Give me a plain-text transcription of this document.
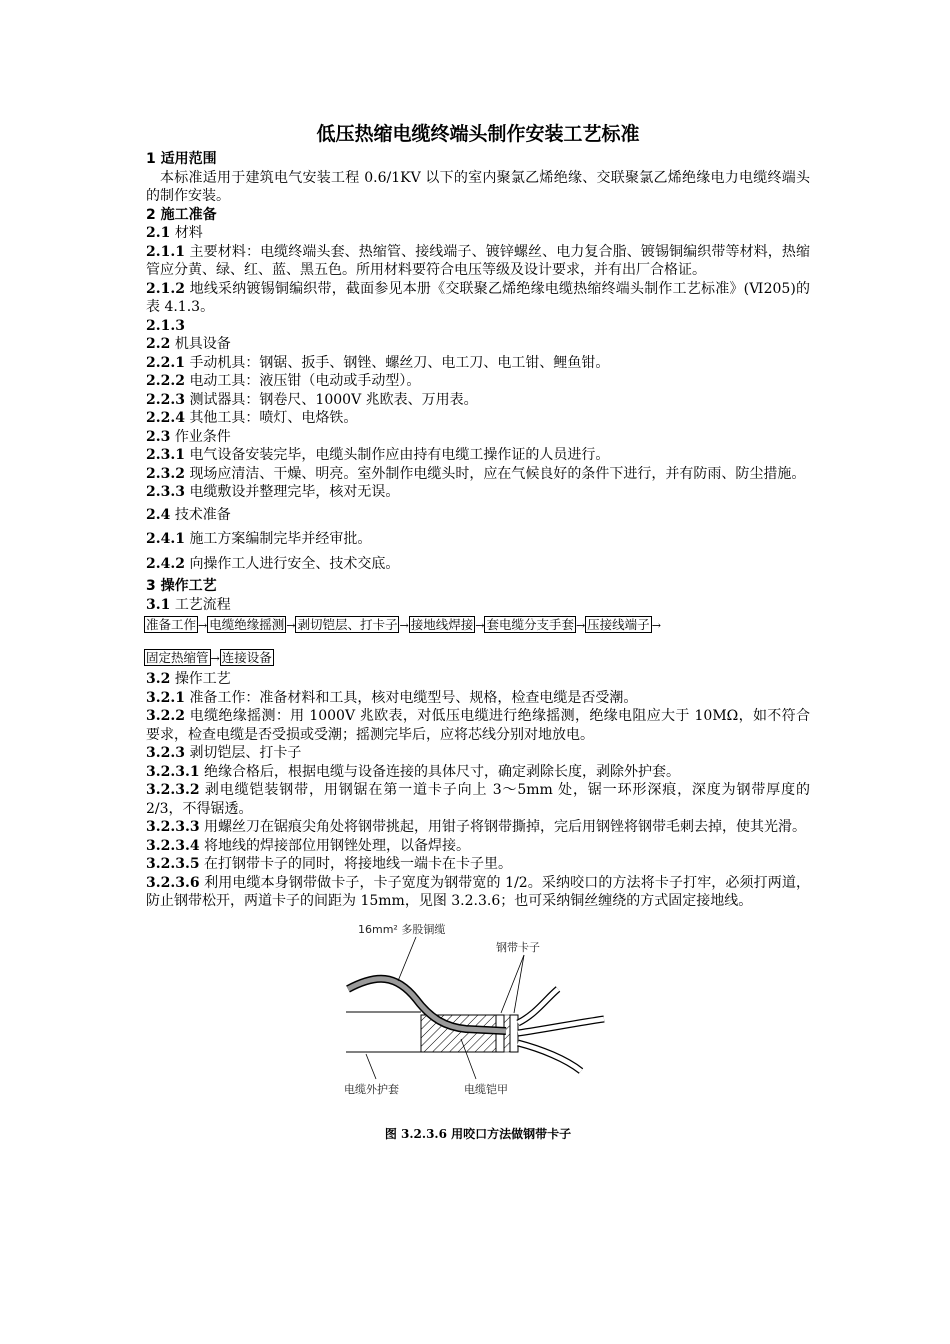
低压热缩电缆终端头制作安装工艺标准
1 适用范围

本标准适用于建筑电气安装工程 0.6/1KV 以下的室内聚氯乙烯绝缘、交联聚氯乙烯绝缘电力电缆终端头的制作安装。

2 施工准备
2.1 材料

2.1.1 主要材料：电缆终端头套、热缩管、接线端子、镀锌螺丝、电力复合脂、镀锡铜编织带等材料，热缩管应分黄、绿、红、蓝、黑五色。所用材料要符合电压等级及设计要求，并有出厂合格证。

2.1.2 地线采纳镀锡铜编织带，截面参见本册《交联聚乙烯绝缘电缆热缩终端头制作工艺标准》(Ⅵ205)的表 4.1.3。

2.1.3

2.2 机具设备

2.2.1 手动机具：钢锯、扳手、钢锉、螺丝刀、电工刀、电工钳、鲤鱼钳。

2.2.2 电动工具：液压钳（电动或手动型）。

2.2.3 测试器具：钢卷尺、1000V 兆欧表、万用表。

2.2.4 其他工具：喷灯、电烙铁。

2.3 作业条件

2.3.1 电气设备安装完毕，电缆头制作应由持有电缆工操作证的人员进行。

2.3.2 现场应清洁、干燥、明亮。室外制作电缆头时，应在气候良好的条件下进行，并有防雨、防尘措施。

2.3.3 电缆敷设并整理完毕，核对无误。

2.4 技术准备

2.4.1 施工方案编制完毕并经审批。

2.4.2 向操作工人进行安全、技术交底。

3 操作工艺
3.1 工艺流程
准备工作 → 电缆绝缘摇测 → 剥切铠层、打卡子 → 接地线焊接 → 套电缆分支手套 → 压接线端子 →
固定热缩管 → 连接设备
3.2 操作工艺

3.2.1 准备工作：准备材料和工具，核对电缆型号、规格，检查电缆是否受潮。

3.2.2 电缆绝缘摇测：用 1000V 兆欧表，对低压电缆进行绝缘摇测，绝缘电阻应大于 10MΩ，如不符合要求，检查电缆是否受损或受潮；摇测完毕后，应将芯线分别对地放电。

3.2.3 剥切铠层、打卡子

3.2.3.1 绝缘合格后，根据电缆与设备连接的具体尺寸，确定剥除长度，剥除外护套。

3.2.3.2 剥电缆铠装钢带，用钢锯在第一道卡子向上 3～5mm 处，锯一环形深痕，深度为钢带厚度的 2/3，不得锯透。

3.2.3.3 用螺丝刀在锯痕尖角处将钢带挑起，用钳子将钢带撕掉，完后用钢锉将钢带毛刺去掉，使其光滑。

3.2.3.4 将地线的焊接部位用钢锉处理，以备焊接。

3.2.3.5 在打钢带卡子的同时，将接地线一端卡在卡子里。

3.2.3.6 利用电缆本身钢带做卡子，卡子宽度为钢带宽的 1/2。采纳咬口的方法将卡子打牢，必须打两道，防止钢带松开，两道卡子的间距为 15mm，见图 3.2.3.6；也可采纳铜丝缠绕的方式固定接地线。

16mm² 多股铜缆
钢带卡子
电缆外护套	电缆铠甲
图 3.2.3.6 用咬口方法做钢带卡子
